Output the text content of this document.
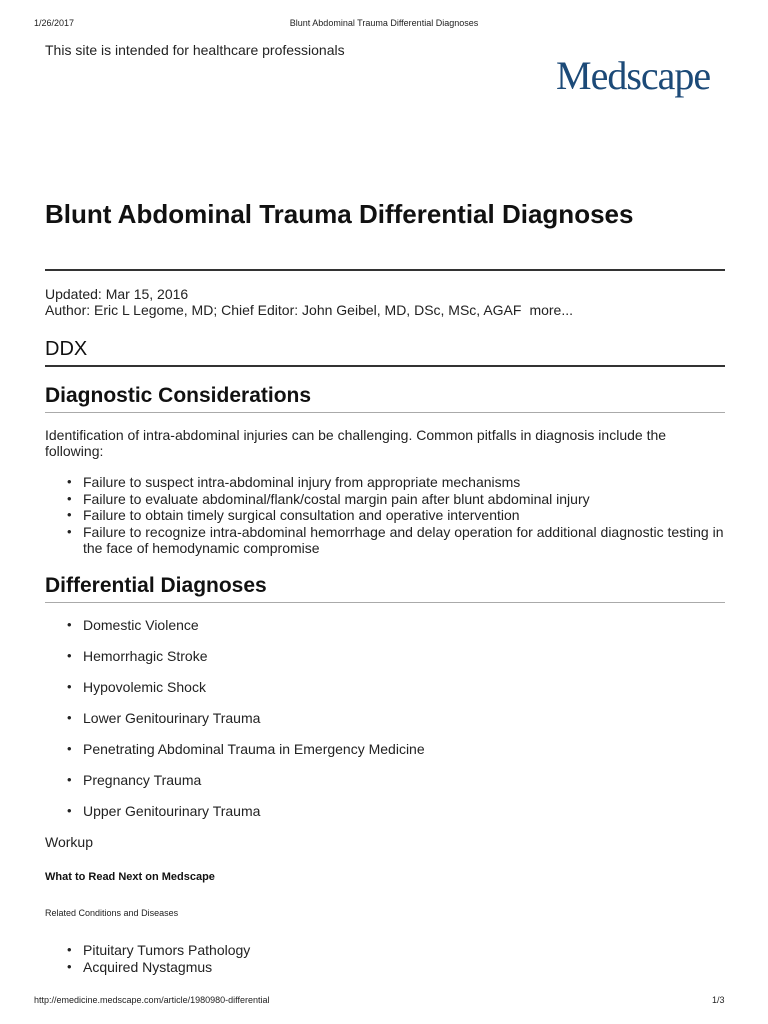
1/26/2017	Blunt Abdominal Trauma Differential Diagnoses
This site is intended for healthcare professionals
Medscape
Blunt Abdominal Trauma Differential Diagnoses
Updated: Mar 15, 2016
Author: Eric L Legome, MD; Chief Editor: John Geibel, MD, DSc, MSc, AGAF more...
DDX
Diagnostic Considerations
Identification of intra-abdominal injuries can be challenging. Common pitfalls in diagnosis include the following:
• Failure to suspect intra-abdominal injury from appropriate mechanisms
• Failure to evaluate abdominal/flank/costal margin pain after blunt abdominal injury
• Failure to obtain timely surgical consultation and operative intervention
• Failure to recognize intra-abdominal hemorrhage and delay operation for additional diagnostic testing in the face of hemodynamic compromise
Differential Diagnoses
• Domestic Violence
• Hemorrhagic Stroke
• Hypovolemic Shock
• Lower Genitourinary Trauma
• Penetrating Abdominal Trauma in Emergency Medicine
• Pregnancy Trauma
• Upper Genitourinary Trauma
Workup
What to Read Next on Medscape
Related Conditions and Diseases
• Pituitary Tumors Pathology
• Acquired Nystagmus
http://emedicine.medscape.com/article/1980980-differential	1/3
